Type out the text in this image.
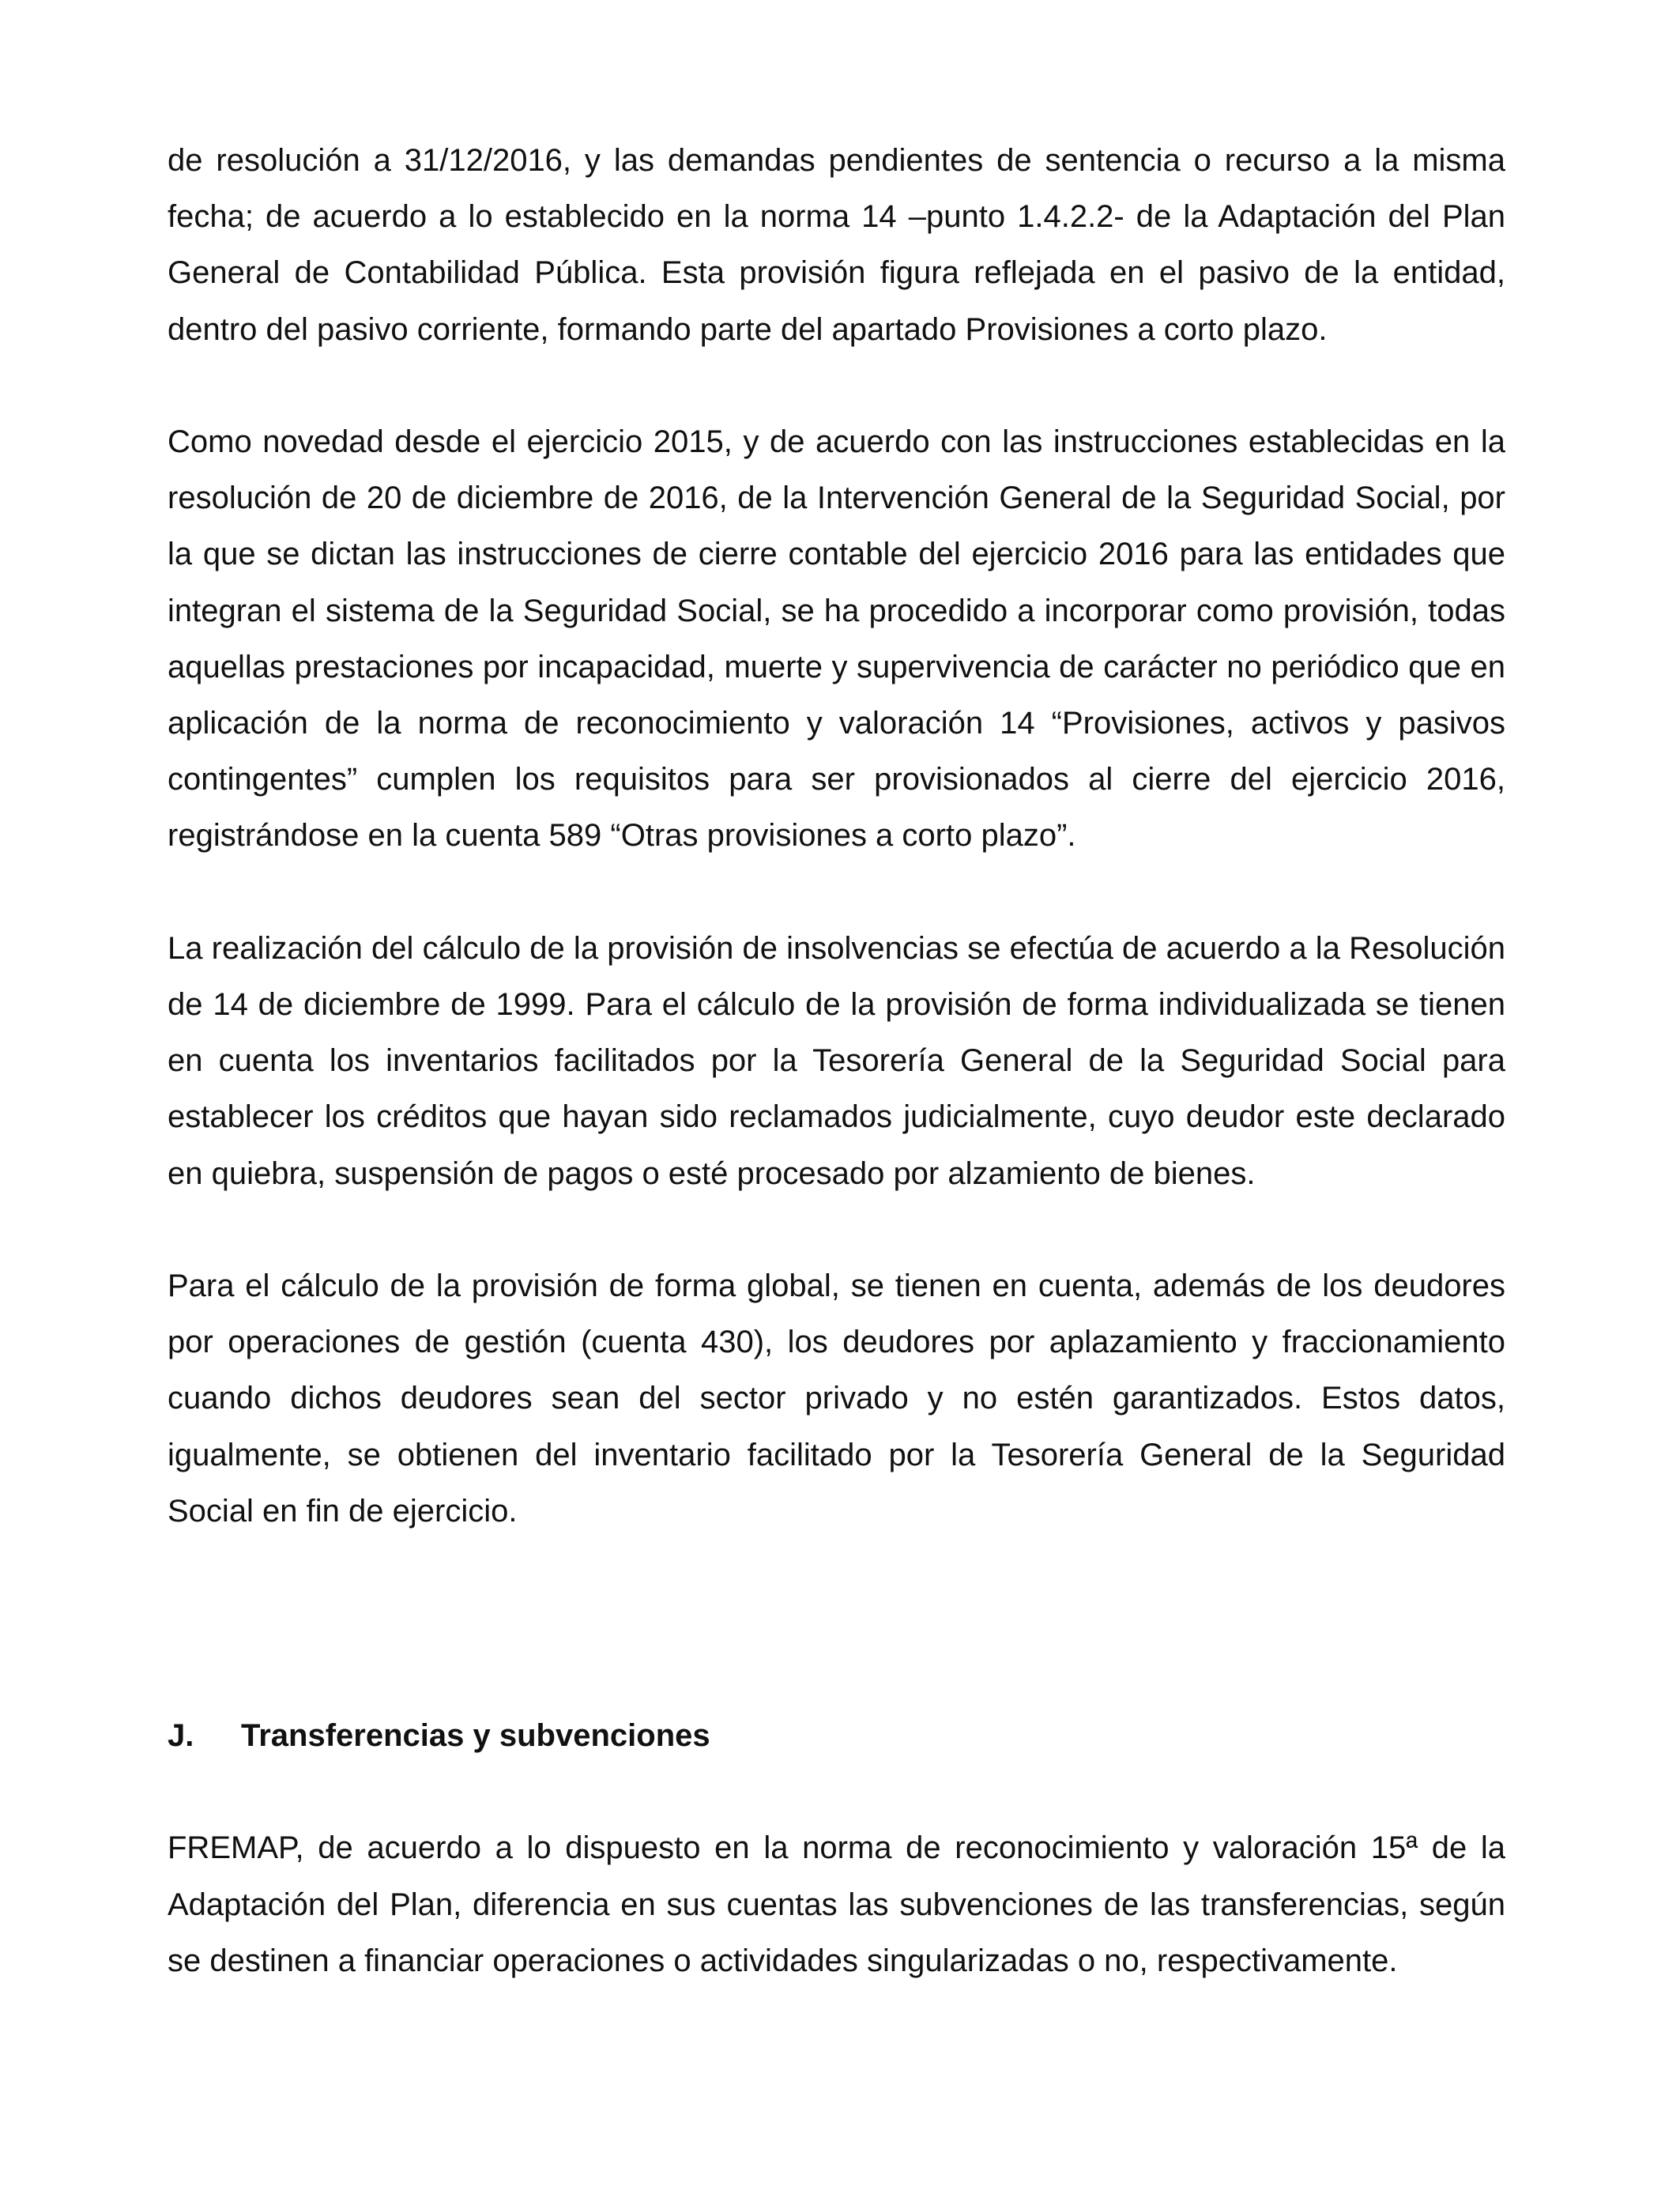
de resolución a 31/12/2016, y las demandas pendientes de sentencia o recurso a la misma fecha; de acuerdo a lo establecido en la norma 14 –punto 1.4.2.2- de la Adaptación del Plan General de Contabilidad Pública. Esta provisión figura reflejada en el pasivo de la entidad, dentro del pasivo corriente, formando parte del apartado Provisiones a corto plazo.

Como novedad desde el ejercicio 2015, y de acuerdo con las instrucciones establecidas en la resolución de 20 de diciembre de 2016, de la Intervención General de la Seguridad Social, por la que se dictan las instrucciones de cierre contable del ejercicio 2016 para las entidades que integran el sistema de la Seguridad Social, se ha procedido a incorporar como provisión, todas aquellas prestaciones por incapacidad, muerte y supervivencia de carácter no periódico que en aplicación de la norma de reconocimiento y valoración 14 “Provisiones, activos y pasivos contingentes” cumplen los requisitos para ser provisionados al cierre del ejercicio 2016, registrándose en la cuenta 589 “Otras provisiones a corto plazo”.

La realización del cálculo de la provisión de insolvencias se efectúa de acuerdo a la Resolución de 14 de diciembre de 1999. Para el cálculo de la provisión de forma individualizada se tienen en cuenta los inventarios facilitados por la Tesorería General de la Seguridad Social para establecer los créditos que hayan sido reclamados judicialmente, cuyo deudor este declarado en quiebra, suspensión de pagos o esté procesado por alzamiento de bienes.

Para el cálculo de la provisión de forma global, se tienen en cuenta, además de los deudores por operaciones de gestión (cuenta 430), los deudores por aplazamiento y fraccionamiento cuando dichos deudores sean del sector privado y no estén garantizados. Estos datos, igualmente, se obtienen del inventario facilitado por la Tesorería General de la Seguridad Social en fin de ejercicio.

J.	Transferencias y subvenciones

FREMAP, de acuerdo a lo dispuesto en la norma de reconocimiento y valoración 15ª de la Adaptación del Plan, diferencia en sus cuentas las subvenciones de las transferencias, según se destinen a financiar operaciones o actividades singularizadas o no, respectivamente.
